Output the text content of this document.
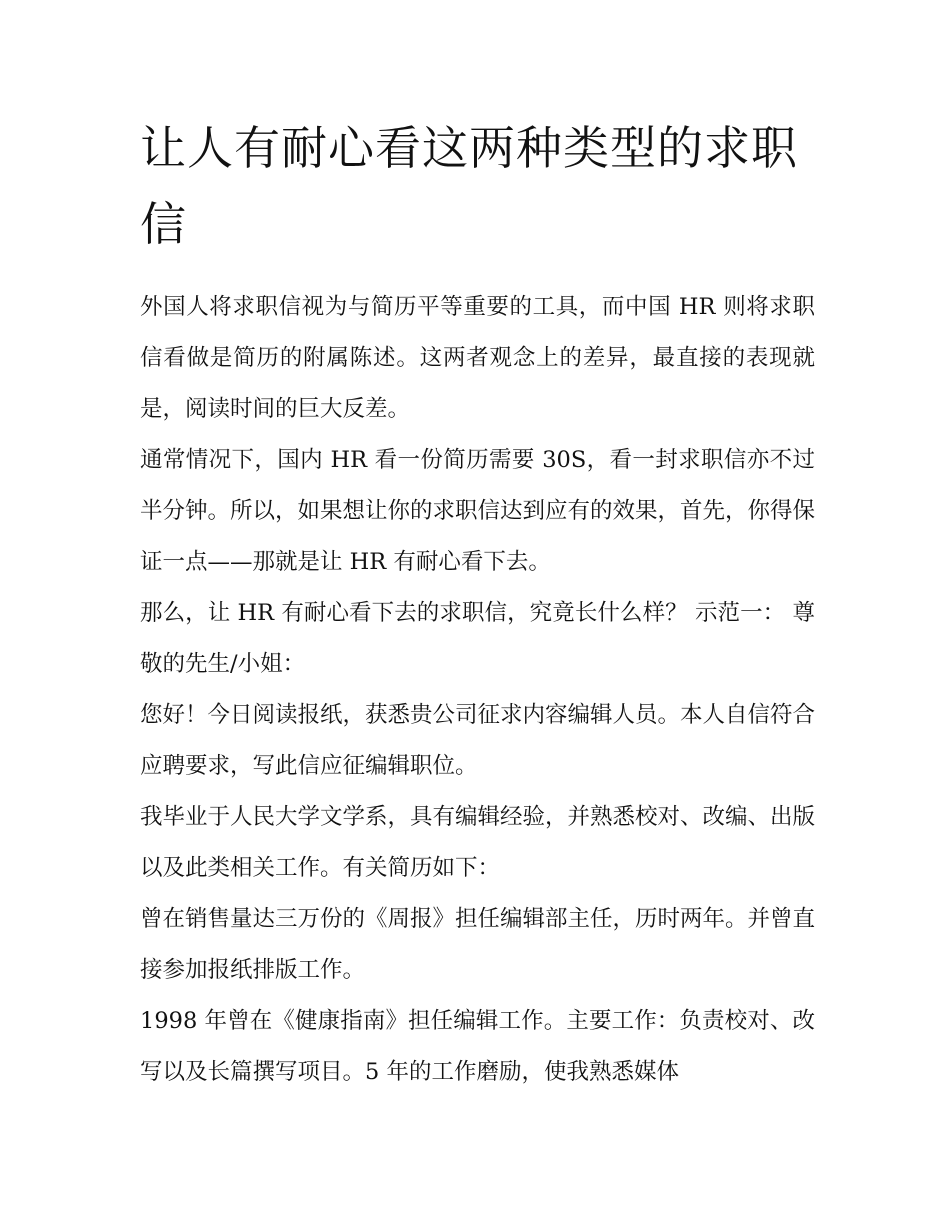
让人有耐心看这两种类型的求职信

外国人将求职信视为与简历平等重要的工具，而中国 HR 则将求职信看做是简历的附属陈述。这两者观念上的差异，最直接的表现就是，阅读时间的巨大反差。

通常情况下，国内 HR 看一份简历需要 30S，看一封求职信亦不过半分钟。所以，如果想让你的求职信达到应有的效果，首先，你得保证一点——那就是让 HR 有耐心看下去。

那么，让 HR 有耐心看下去的求职信，究竟长什么样？ 示范一： 尊敬的先生/小姐：

您好！今日阅读报纸，获悉贵公司征求内容编辑人员。本人自信符合应聘要求，写此信应征编辑职位。

我毕业于人民大学文学系，具有编辑经验，并熟悉校对、改编、出版以及此类相关工作。有关简历如下：

曾在销售量达三万份的《周报》担任编辑部主任，历时两年。并曾直接参加报纸排版工作。

1998 年曾在《健康指南》担任编辑工作。主要工作：负责校对、改写以及长篇撰写项目。5 年的工作磨励，使我熟悉媒体
